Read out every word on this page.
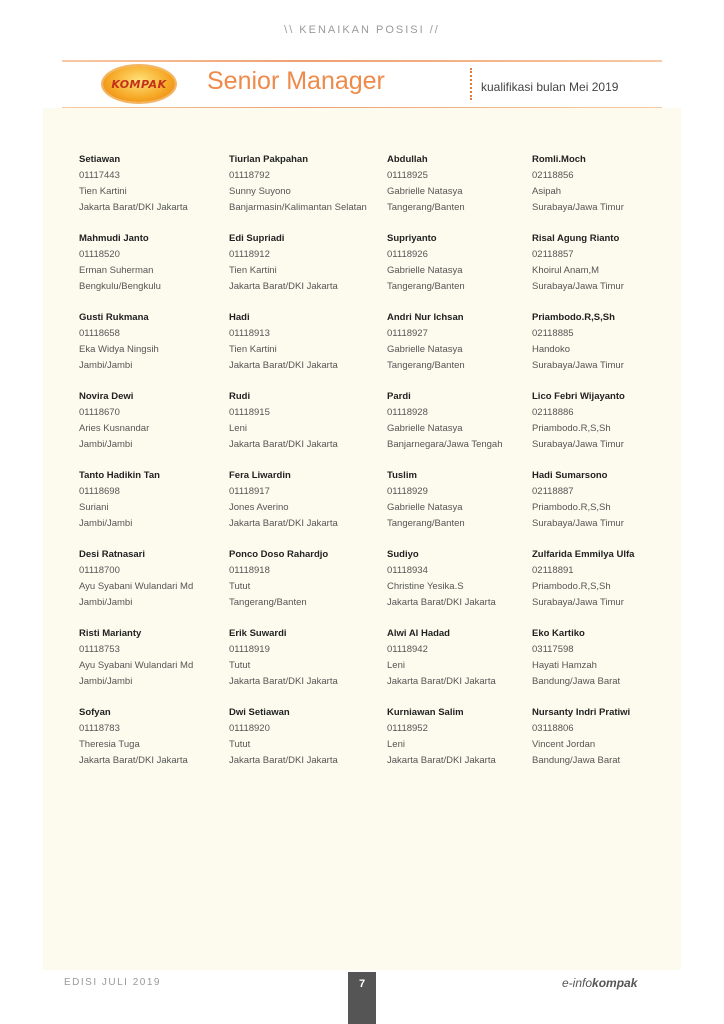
\\ KENAIKAN POSISI //
KOMPAK Senior Manager	kualifikasi bulan Mei 2019
Setiawan
01117443
Tien Kartini
Jakarta Barat/DKI Jakarta
Mahmudi Janto
01118520
Erman Suherman
Bengkulu/Bengkulu
Gusti Rukmana
01118658
Eka Widya Ningsih
Jambi/Jambi
Novira Dewi
01118670
Aries Kusnandar
Jambi/Jambi
Tanto Hadikin Tan
01118698
Suriani
Jambi/Jambi
Desi Ratnasari
01118700
Ayu Syabani Wulandari Md
Jambi/Jambi
Risti Marianty
01118753
Ayu Syabani Wulandari Md
Jambi/Jambi
Sofyan
01118783
Theresia Tuga
Jakarta Barat/DKI Jakarta
Tiurlan Pakpahan
01118792
Sunny Suyono
Banjarmasin/Kalimantan Selatan
Edi Supriadi
01118912
Tien Kartini
Jakarta Barat/DKI Jakarta
Hadi
01118913
Tien Kartini
Jakarta Barat/DKI Jakarta
Rudi
01118915
Leni
Jakarta Barat/DKI Jakarta
Fera Liwardin
01118917
Jones Averino
Jakarta Barat/DKI Jakarta
Ponco Doso Rahardjo
01118918
Tutut
Tangerang/Banten
Erik Suwardi
01118919
Tutut
Jakarta Barat/DKI Jakarta
Dwi Setiawan
01118920
Tutut
Jakarta Barat/DKI Jakarta
Abdullah
01118925
Gabrielle Natasya
Tangerang/Banten
Supriyanto
01118926
Gabrielle Natasya
Tangerang/Banten
Andri Nur Ichsan
01118927
Gabrielle Natasya
Tangerang/Banten
Pardi
01118928
Gabrielle Natasya
Banjarnegara/Jawa Tengah
Tuslim
01118929
Gabrielle Natasya
Tangerang/Banten
Sudiyo
01118934
Christine Yesika.S
Jakarta Barat/DKI Jakarta
Alwi Al Hadad
01118942
Leni
Jakarta Barat/DKI Jakarta
Kurniawan Salim
01118952
Leni
Jakarta Barat/DKI Jakarta
Romli.Moch
02118856
Asipah
Surabaya/Jawa Timur
Risal Agung Rianto
02118857
Khoirul Anam,M
Surabaya/Jawa Timur
Priambodo.R,S,Sh
02118885
Handoko
Surabaya/Jawa Timur
Lico Febri Wijayanto
02118886
Priambodo.R,S,Sh
Surabaya/Jawa Timur
Hadi Sumarsono
02118887
Priambodo.R,S,Sh
Surabaya/Jawa Timur
Zulfarida Emmilya Ulfa
02118891
Priambodo.R,S,Sh
Surabaya/Jawa Timur
Eko Kartiko
03117598
Hayati Hamzah
Bandung/Jawa Barat
Nursanty Indri Pratiwi
03118806
Vincent Jordan
Bandung/Jawa Barat
EDISI JULI 2019	7	e-infokompak
